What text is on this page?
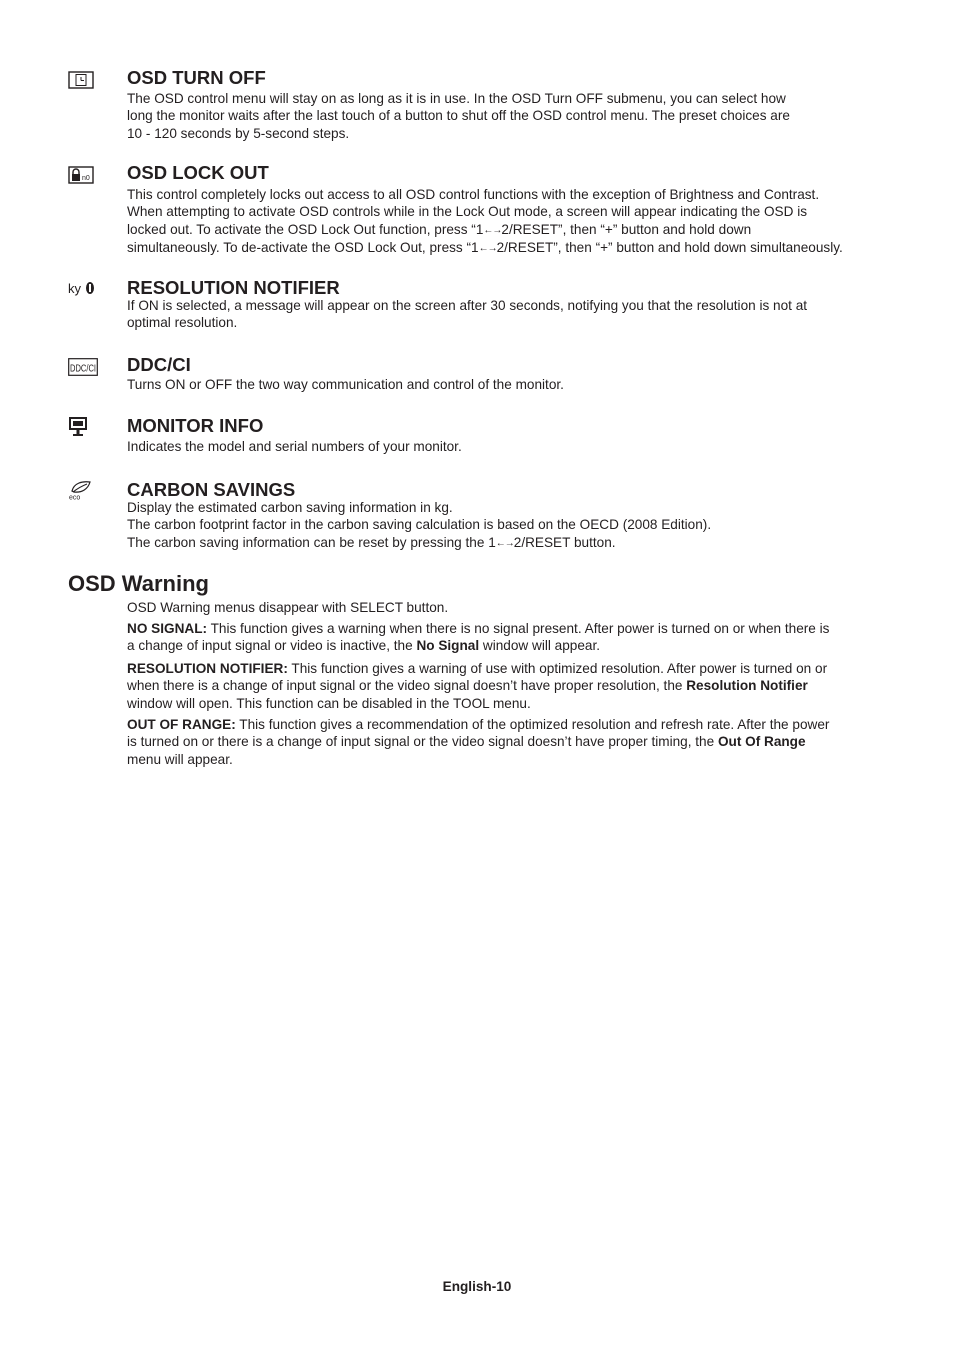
OSD TURN OFF
The OSD control menu will stay on as long as it is in use. In the OSD Turn OFF submenu, you can select how
long the monitor waits after the last touch of a button to shut off the OSD control menu. The preset choices are
10 - 120 seconds by 5-second steps.
n0 OSD LOCK OUT
This control completely locks out access to all OSD control functions with the exception of Brightness and Contrast.
When attempting to activate OSD controls while in the Lock Out mode, a screen will appear indicating the OSD is
locked out. To activate the OSD Lock Out function, press “1←→2/RESET”, then “+” button and hold down
simultaneously. To de-activate the OSD Lock Out, press “1←→2/RESET”, then “+” button and hold down simultaneously.
ky RESOLUTION NOTIFIER
If ON is selected, a message will appear on the screen after 30 seconds, notifying you that the resolution is not at
optimal resolution.
DDC/CI DDC/CI
Turns ON or OFF the two way communication and control of the monitor.
MONITOR INFO
Indicates the model and serial numbers of your monitor.
eco	CARBON SAVINGS
Display the estimated carbon saving information in kg.
The carbon footprint factor in the carbon saving calculation is based on the OECD (2008 Edition).
The carbon saving information can be reset by pressing the 1←→2/RESET button.
OSD Warning
OSD Warning menus disappear with SELECT button.
NO SIGNAL: This function gives a warning when there is no signal present. After power is turned on or when there is
a change of input signal or video is inactive, the No Signal window will appear.
RESOLUTION NOTIFIER: This function gives a warning of use with optimized resolution. After power is turned on or
when there is a change of input signal or the video signal doesn’t have proper resolution, the Resolution Notifier
window will open. This function can be disabled in the TOOL menu.
OUT OF RANGE: This function gives a recommendation of the optimized resolution and refresh rate. After the power
is turned on or there is a change of input signal or the video signal doesn’t have proper timing, the Out Of Range
menu will appear.
English-10
